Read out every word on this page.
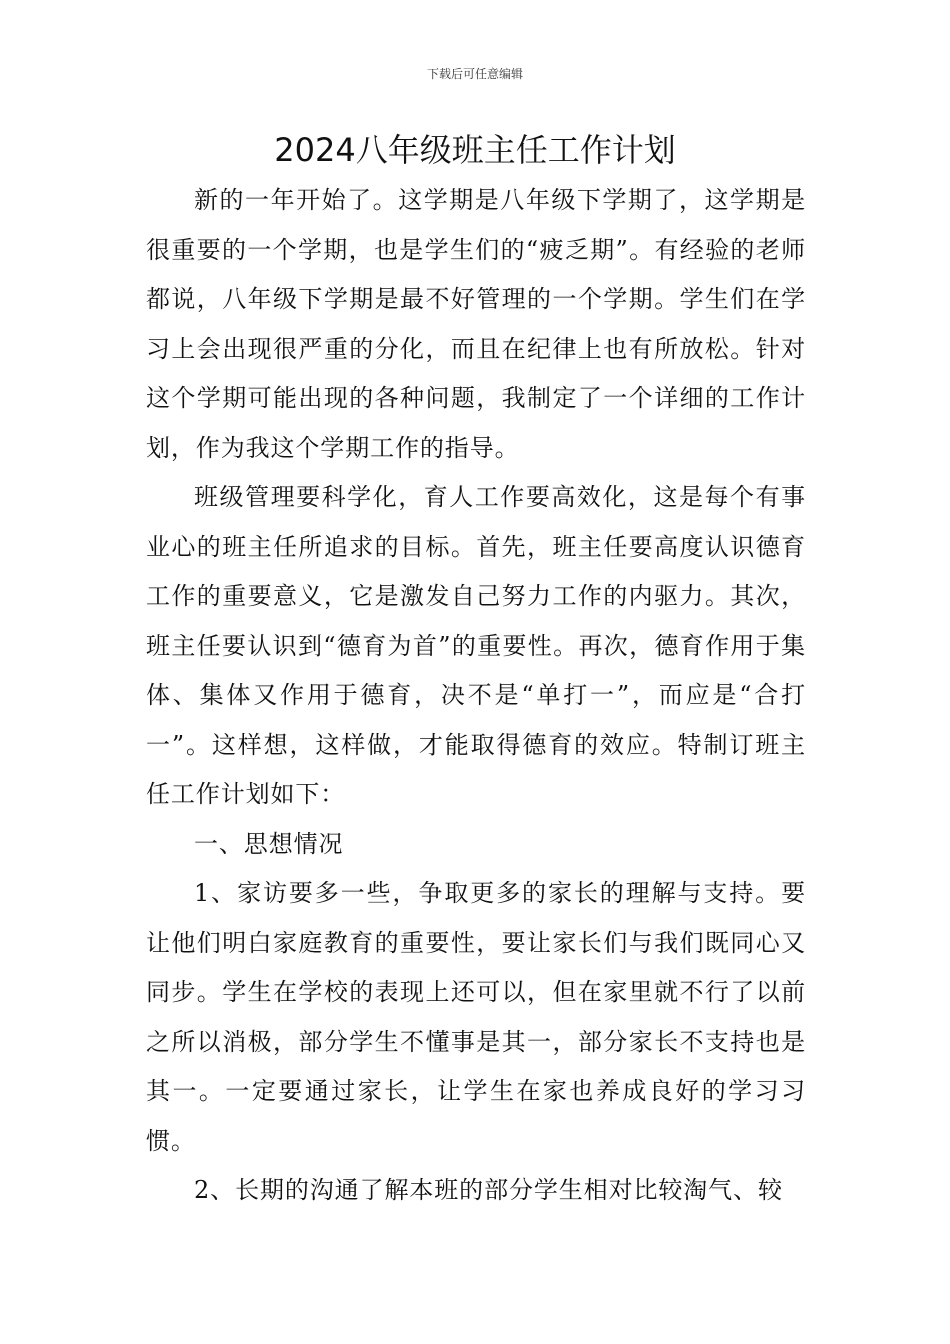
下载后可任意编辑
2024八年级班主任工作计划

新的一年开始了。这学期是八年级下学期了，这学期是很重要的一个学期，也是学生们的“疲乏期”。有经验的老师都说，八年级下学期是最不好管理的一个学期。学生们在学习上会出现很严重的分化，而且在纪律上也有所放松。针对这个学期可能出现的各种问题，我制定了一个详细的工作计划，作为我这个学期工作的指导。

班级管理要科学化，育人工作要高效化，这是每个有事业心的班主任所追求的目标。首先，班主任要高度认识德育工作的重要意义，它是激发自己努力工作的内驱力。其次，班主任要认识到“德育为首”的重要性。再次，德育作用于集体、集体又作用于德育，决不是“单打一”，而应是“合打一”。这样想，这样做，才能取得德育的效应。特制订班主任工作计划如下：

一、思想情况

1、家访要多一些，争取更多的家长的理解与支持。要让他们明白家庭教育的重要性，要让家长们与我们既同心又同步。学生在学校的表现上还可以，但在家里就不行了以前之所以消极，部分学生不懂事是其一，部分家长不支持也是其一。一定要通过家长，让学生在家也养成良好的学习习惯。

2、长期的沟通了解本班的部分学生相对比较淘气、较
